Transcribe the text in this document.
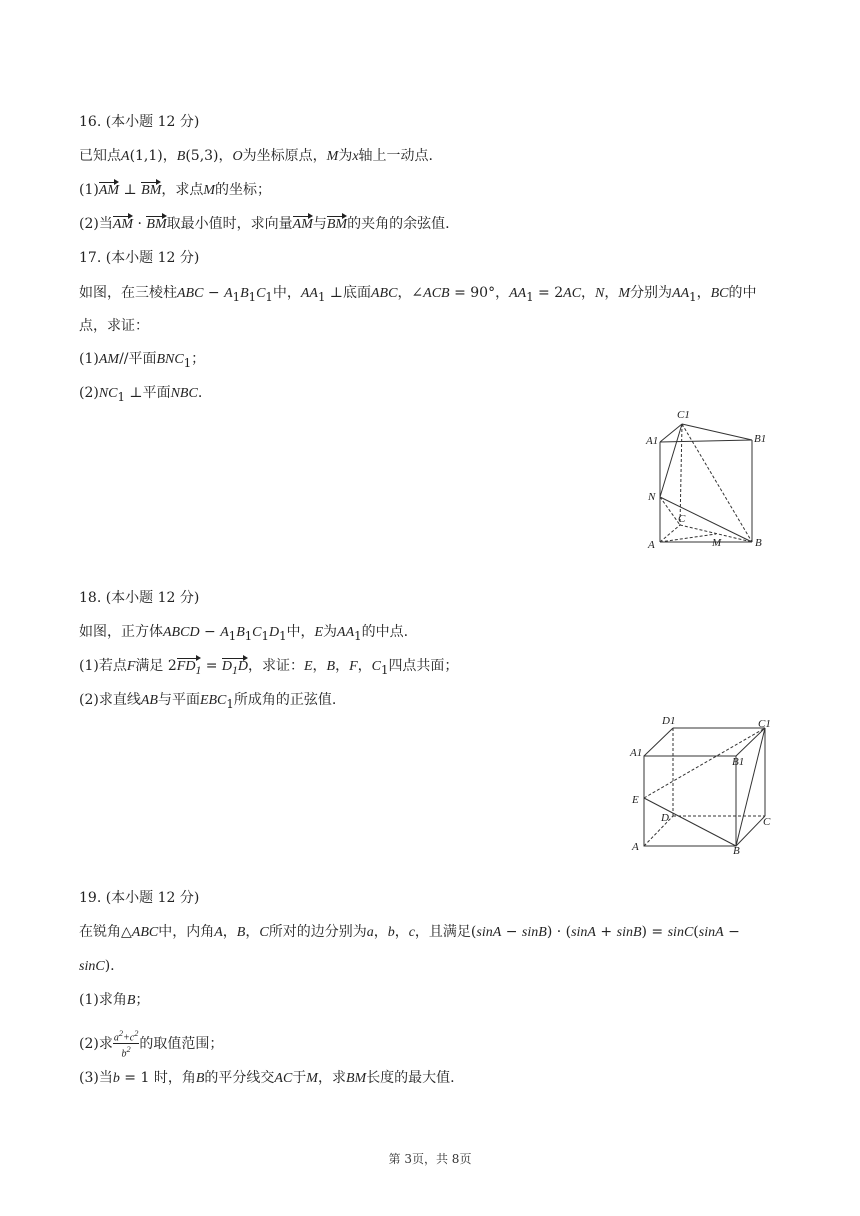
16. (本小题 12 分)
已知点A(1,1)，B(5,3)，O为坐标原点，M为x轴上一动点.
(1)AM ⊥ BM，求点M的坐标；
(2)当AM · BM取最小值时，求向量AM与BM的夹角的余弦值.
17. (本小题 12 分)
如图，在三棱柱ABC − $A_1B_1C_1$中，$AA_1$ ⊥底面ABC，∠ACB = 90°，$AA_1 = 2AC$，N，M分别为$AA_1$，BC的中
点，求证：
(1)AM//平面$BNC_1$；
$(2)NC_1$ ⊥平面NBC.
C1
A1	B1
N
C
M
A	B
18. (本小题 12 分)
如图，正方体ABCD − $A_1B_1C_1D_1$中，E为$AA_1$的中点.
(1)若点F满足 $2FD_1 = D_1D$，求证：E，B，F，$C_1$四点共面；
(2)求直线AB与平面$EBC_1$所成角的正弦值.
D1	C1
A1
B1
E
D	C
A	B
19. (本小题 12 分)
在锐角△ABC中，内角A，B，C所对的边分别为a，b，c，且满足(sinA − sinB) · (sinA + sinB) = sinC(sinA −
sinC).
(1)求角B；
(2)求 $\frac{a^2+c^2}{b^2}$ 的取值范围；
(3)当b = 1 时，角B的平分线交AC于M，求BM长度的最大值.
第 3页，共 8页
